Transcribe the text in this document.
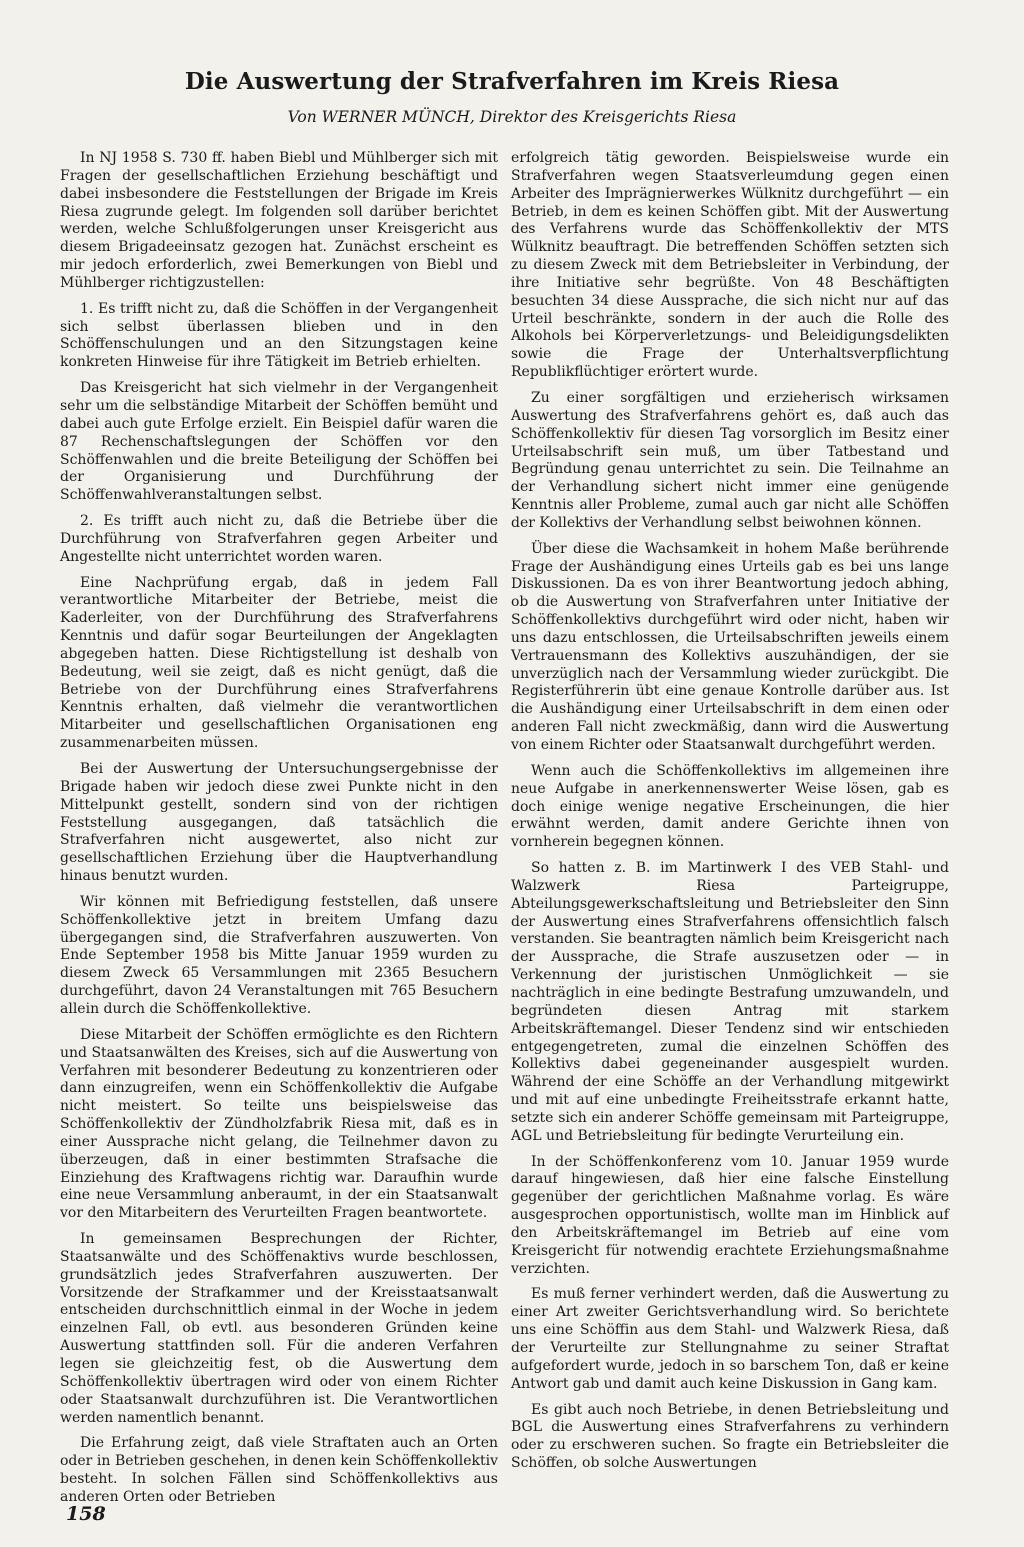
Die Auswertung der Strafverfahren im Kreis Riesa
Von WERNER MÜNCH, Direktor des Kreisgerichts Riesa

In NJ 1958 S. 730 ff. haben Biebl und Mühlberger sich mit Fragen der gesellschaftlichen Erziehung beschäftigt und dabei insbesondere die Feststellungen der Brigade im Kreis Riesa zugrunde gelegt. Im folgenden soll darüber berichtet werden, welche Schlußfolgerungen unser Kreisgericht aus diesem Brigadeeinsatz gezogen hat. Zunächst erscheint es mir jedoch erforderlich, zwei Bemerkungen von Biebl und Mühlberger richtigzustellen:

1. Es trifft nicht zu, daß die Schöffen in der Vergangenheit sich selbst überlassen blieben und in den Schöffenschulungen und an den Sitzungstagen keine konkreten Hinweise für ihre Tätigkeit im Betrieb erhielten.

Das Kreisgericht hat sich vielmehr in der Vergangenheit sehr um die selbständige Mitarbeit der Schöffen bemüht und dabei auch gute Erfolge erzielt. Ein Beispiel dafür waren die 87 Rechenschaftslegungen der Schöffen vor den Schöffenwahlen und die breite Beteiligung der Schöffen bei der Organisierung und Durchführung der Schöffenwahlveranstaltungen selbst.

2. Es trifft auch nicht zu, daß die Betriebe über die Durchführung von Strafverfahren gegen Arbeiter und Angestellte nicht unterrichtet worden waren.

Eine Nachprüfung ergab, daß in jedem Fall verantwortliche Mitarbeiter der Betriebe, meist die Kaderleiter, von der Durchführung des Strafverfahrens Kenntnis und dafür sogar Beurteilungen der Angeklagten abgegeben hatten. Diese Richtigstellung ist deshalb von Bedeutung, weil sie zeigt, daß es nicht genügt, daß die Betriebe von der Durchführung eines Strafverfahrens Kenntnis erhalten, daß vielmehr die verantwortlichen Mitarbeiter und gesellschaftlichen Organisationen eng zusammenarbeiten müssen.

Bei der Auswertung der Untersuchungsergebnisse der Brigade haben wir jedoch diese zwei Punkte nicht in den Mittelpunkt gestellt, sondern sind von der richtigen Feststellung ausgegangen, daß tatsächlich die Strafverfahren nicht ausgewertet, also nicht zur gesellschaftlichen Erziehung über die Hauptverhandlung hinaus benutzt wurden.

Wir können mit Befriedigung feststellen, daß unsere Schöffenkollektive jetzt in breitem Umfang dazu übergegangen sind, die Strafverfahren auszuwerten. Von Ende September 1958 bis Mitte Januar 1959 wurden zu diesem Zweck 65 Versammlungen mit 2365 Besuchern durchgeführt, davon 24 Veranstaltungen mit 765 Besuchern allein durch die Schöffenkollektive.

Diese Mitarbeit der Schöffen ermöglichte es den Richtern und Staatsanwälten des Kreises, sich auf die Auswertung von Verfahren mit besonderer Bedeutung zu konzentrieren oder dann einzugreifen, wenn ein Schöffenkollektiv die Aufgabe nicht meistert. So teilte uns beispielsweise das Schöffenkollektiv der Zündholzfabrik Riesa mit, daß es in einer Aussprache nicht gelang, die Teilnehmer davon zu überzeugen, daß in einer bestimmten Strafsache die Einziehung des Kraftwagens richtig war. Daraufhin wurde eine neue Versammlung anberaumt, in der ein Staatsanwalt vor den Mitarbeitern des Verurteilten Fragen beantwortete.

In gemeinsamen Besprechungen der Richter, Staatsanwälte und des Schöffenaktivs wurde beschlossen, grundsätzlich jedes Strafverfahren auszuwerten. Der Vorsitzende der Strafkammer und der Kreisstaatsanwalt entscheiden durchschnittlich einmal in der Woche in jedem einzelnen Fall, ob evtl. aus besonderen Gründen keine Auswertung stattfinden soll. Für die anderen Verfahren legen sie gleichzeitig fest, ob die Auswertung dem Schöffenkollektiv übertragen wird oder von einem Richter oder Staatsanwalt durchzuführen ist. Die Verantwortlichen werden namentlich benannt.

Die Erfahrung zeigt, daß viele Straftaten auch an Orten oder in Betrieben geschehen, in denen kein Schöffenkollektiv besteht. In solchen Fällen sind Schöffenkollektivs aus anderen Orten oder Betrieben

erfolgreich tätig geworden. Beispielsweise wurde ein Strafverfahren wegen Staatsverleumdung gegen einen Arbeiter des Imprägnierwerkes Wülknitz durchgeführt — ein Betrieb, in dem es keinen Schöffen gibt. Mit der Auswertung des Verfahrens wurde das Schöffenkollektiv der MTS Wülknitz beauftragt. Die betreffenden Schöffen setzten sich zu diesem Zweck mit dem Betriebsleiter in Verbindung, der ihre Initiative sehr begrüßte. Von 48 Beschäftigten besuchten 34 diese Aussprache, die sich nicht nur auf das Urteil beschränkte, sondern in der auch die Rolle des Alkohols bei Körperverletzungs- und Beleidigungsdelikten sowie die Frage der Unterhaltsverpflichtung Republikflüchtiger erörtert wurde.

Zu einer sorgfältigen und erzieherisch wirksamen Auswertung des Strafverfahrens gehört es, daß auch das Schöffenkollektiv für diesen Tag vorsorglich im Besitz einer Urteilsabschrift sein muß, um über Tatbestand und Begründung genau unterrichtet zu sein. Die Teilnahme an der Verhandlung sichert nicht immer eine genügende Kenntnis aller Probleme, zumal auch gar nicht alle Schöffen der Kollektivs der Verhandlung selbst beiwohnen können.

Über diese die Wachsamkeit in hohem Maße berührende Frage der Aushändigung eines Urteils gab es bei uns lange Diskussionen. Da es von ihrer Beantwortung jedoch abhing, ob die Auswertung von Strafverfahren unter Initiative der Schöffenkollektivs durchgeführt wird oder nicht, haben wir uns dazu entschlossen, die Urteilsabschriften jeweils einem Vertrauensmann des Kollektivs auszuhändigen, der sie unverzüglich nach der Versammlung wieder zurückgibt. Die Registerführerin übt eine genaue Kontrolle darüber aus. Ist die Aushändigung einer Urteilsabschrift in dem einen oder anderen Fall nicht zweckmäßig, dann wird die Auswertung von einem Richter oder Staatsanwalt durchgeführt werden.

Wenn auch die Schöffenkollektivs im allgemeinen ihre neue Aufgabe in anerkennenswerter Weise lösen, gab es doch einige wenige negative Erscheinungen, die hier erwähnt werden, damit andere Gerichte ihnen von vornherein begegnen können.

So hatten z. B. im Martinwerk I des VEB Stahl- und Walzwerk Riesa Parteigruppe, Abteilungsgewerkschaftsleitung und Betriebsleiter den Sinn der Auswertung eines Strafverfahrens offensichtlich falsch verstanden. Sie beantragten nämlich beim Kreisgericht nach der Aussprache, die Strafe auszusetzen oder — in Verkennung der juristischen Unmöglichkeit — sie nachträglich in eine bedingte Bestrafung umzuwandeln, und begründeten diesen Antrag mit starkem Arbeitskräftemangel. Dieser Tendenz sind wir entschieden entgegengetreten, zumal die einzelnen Schöffen des Kollektivs dabei gegeneinander ausgespielt wurden. Während der eine Schöffe an der Verhandlung mitgewirkt und mit auf eine unbedingte Freiheitsstrafe erkannt hatte, setzte sich ein anderer Schöffe gemeinsam mit Parteigruppe, AGL und Betriebsleitung für bedingte Verurteilung ein.

In der Schöffenkonferenz vom 10. Januar 1959 wurde darauf hingewiesen, daß hier eine falsche Einstellung gegenüber der gerichtlichen Maßnahme vorlag. Es wäre ausgesprochen opportunistisch, wollte man im Hinblick auf den Arbeitskräftemangel im Betrieb auf eine vom Kreisgericht für notwendig erachtete Erziehungsmaßnahme verzichten.

Es muß ferner verhindert werden, daß die Auswertung zu einer Art zweiter Gerichtsverhandlung wird. So berichtete uns eine Schöffin aus dem Stahl- und Walzwerk Riesa, daß der Verurteilte zur Stellungnahme zu seiner Straftat aufgefordert wurde, jedoch in so barschem Ton, daß er keine Antwort gab und damit auch keine Diskussion in Gang kam.

Es gibt auch noch Betriebe, in denen Betriebsleitung und BGL die Auswertung eines Strafverfahrens zu verhindern oder zu erschweren suchen. So fragte ein Betriebsleiter die Schöffen, ob solche Auswertungen

158
